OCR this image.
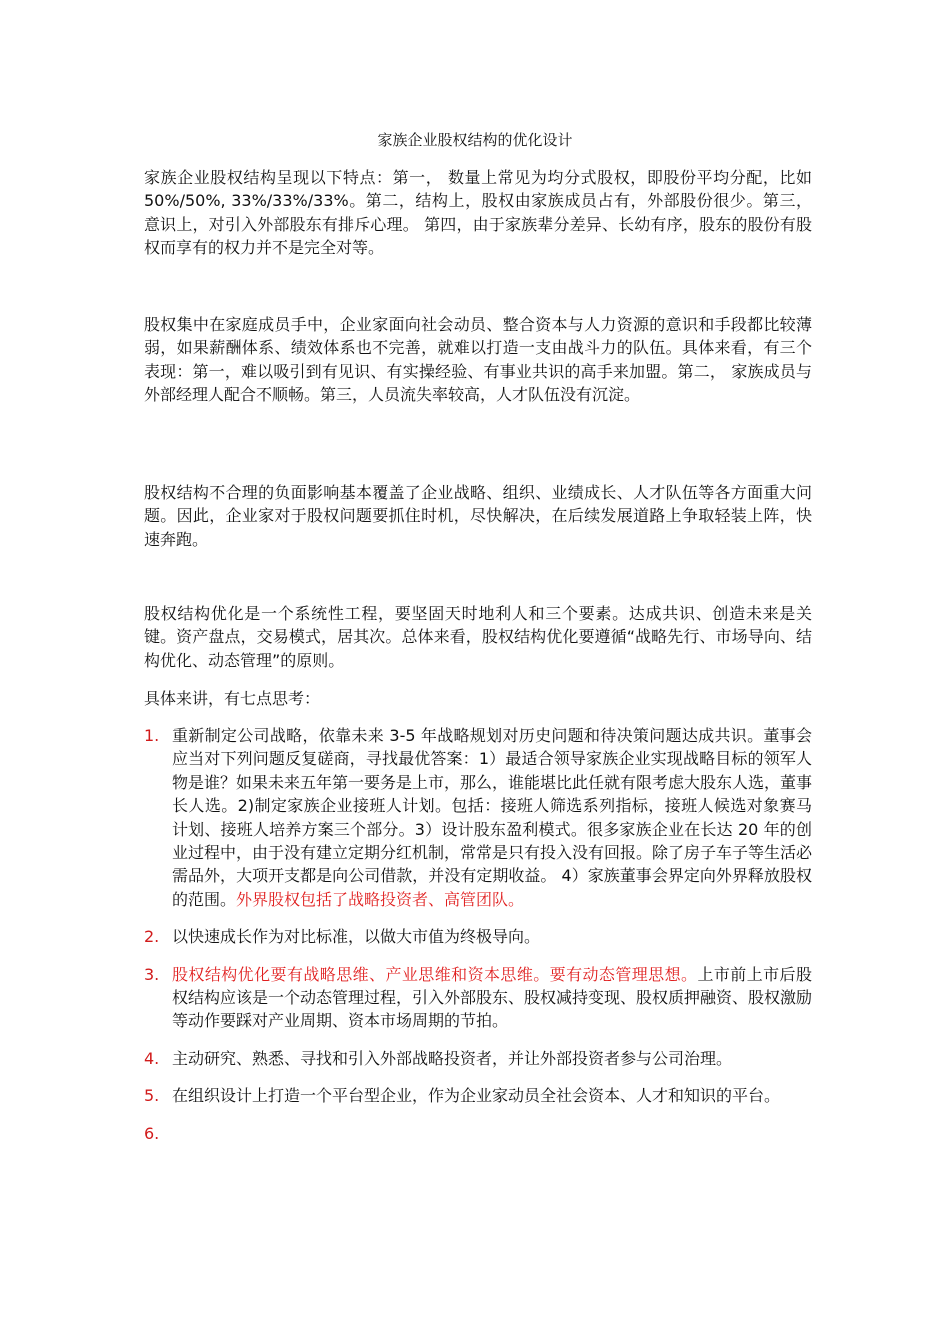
家族企业股权结构的优化设计

家族企业股权结构呈现以下特点：第一， 数量上常见为均分式股权，即股份平均分配，比如 50%/50%, 33%/33%/33%。第二，结构上，股权由家族成员占有，外部股份很少。第三，意识上，对引入外部股东有排斥心理。 第四，由于家族辈分差异、长幼有序，股东的股份有股权而享有的权力并不是完全对等。

股权集中在家庭成员手中，企业家面向社会动员、整合资本与人力资源的意识和手段都比较薄弱，如果薪酬体系、绩效体系也不完善，就难以打造一支由战斗力的队伍。具体来看，有三个表现：第一，难以吸引到有见识、有实操经验、有事业共识的高手来加盟。第二， 家族成员与外部经理人配合不顺畅。第三，人员流失率较高，人才队伍没有沉淀。

股权结构不合理的负面影响基本覆盖了企业战略、组织、业绩成长、人才队伍等各方面重大问题。因此，企业家对于股权问题要抓住时机，尽快解决，在后续发展道路上争取轻装上阵，快速奔跑。

股权结构优化是一个系统性工程，要坚固天时地利人和三个要素。达成共识、创造未来是关键。资产盘点，交易模式，居其次。总体来看，股权结构优化要遵循“战略先行、市场导向、结构优化、动态管理”的原则。

具体来讲，有七点思考：

1. 重新制定公司战略，依靠未来 3-5 年战略规划对历史问题和待决策问题达成共识。董事会应当对下列问题反复磋商，寻找最优答案：1）最适合领导家族企业实现战略目标的领军人物是谁？如果未来五年第一要务是上市，那么，谁能堪比此任就有限考虑大股东人选，董事长人选。2)制定家族企业接班人计划。包括：接班人筛选系列指标，接班人候选对象赛马计划、接班人培养方案三个部分。3）设计股东盈利模式。很多家族企业在长达 20 年的创业过程中，由于没有建立定期分红机制，常常是只有投入没有回报。除了房子车子等生活必需品外，大项开支都是向公司借款，并没有定期收益。 4）家族董事会界定向外界释放股权的范围。外界股权包括了战略投资者、高管团队。
2. 以快速成长作为对比标准，以做大市值为终极导向。
3. 股权结构优化要有战略思维、产业思维和资本思维。要有动态管理思想。上市前上市后股权结构应该是一个动态管理过程，引入外部股东、股权减持变现、股权质押融资、股权激励等动作要踩对产业周期、资本市场周期的节拍。
4. 主动研究、熟悉、寻找和引入外部战略投资者，并让外部投资者参与公司治理。
5. 在组织设计上打造一个平台型企业，作为企业家动员全社会资本、人才和知识的平台。
6.
